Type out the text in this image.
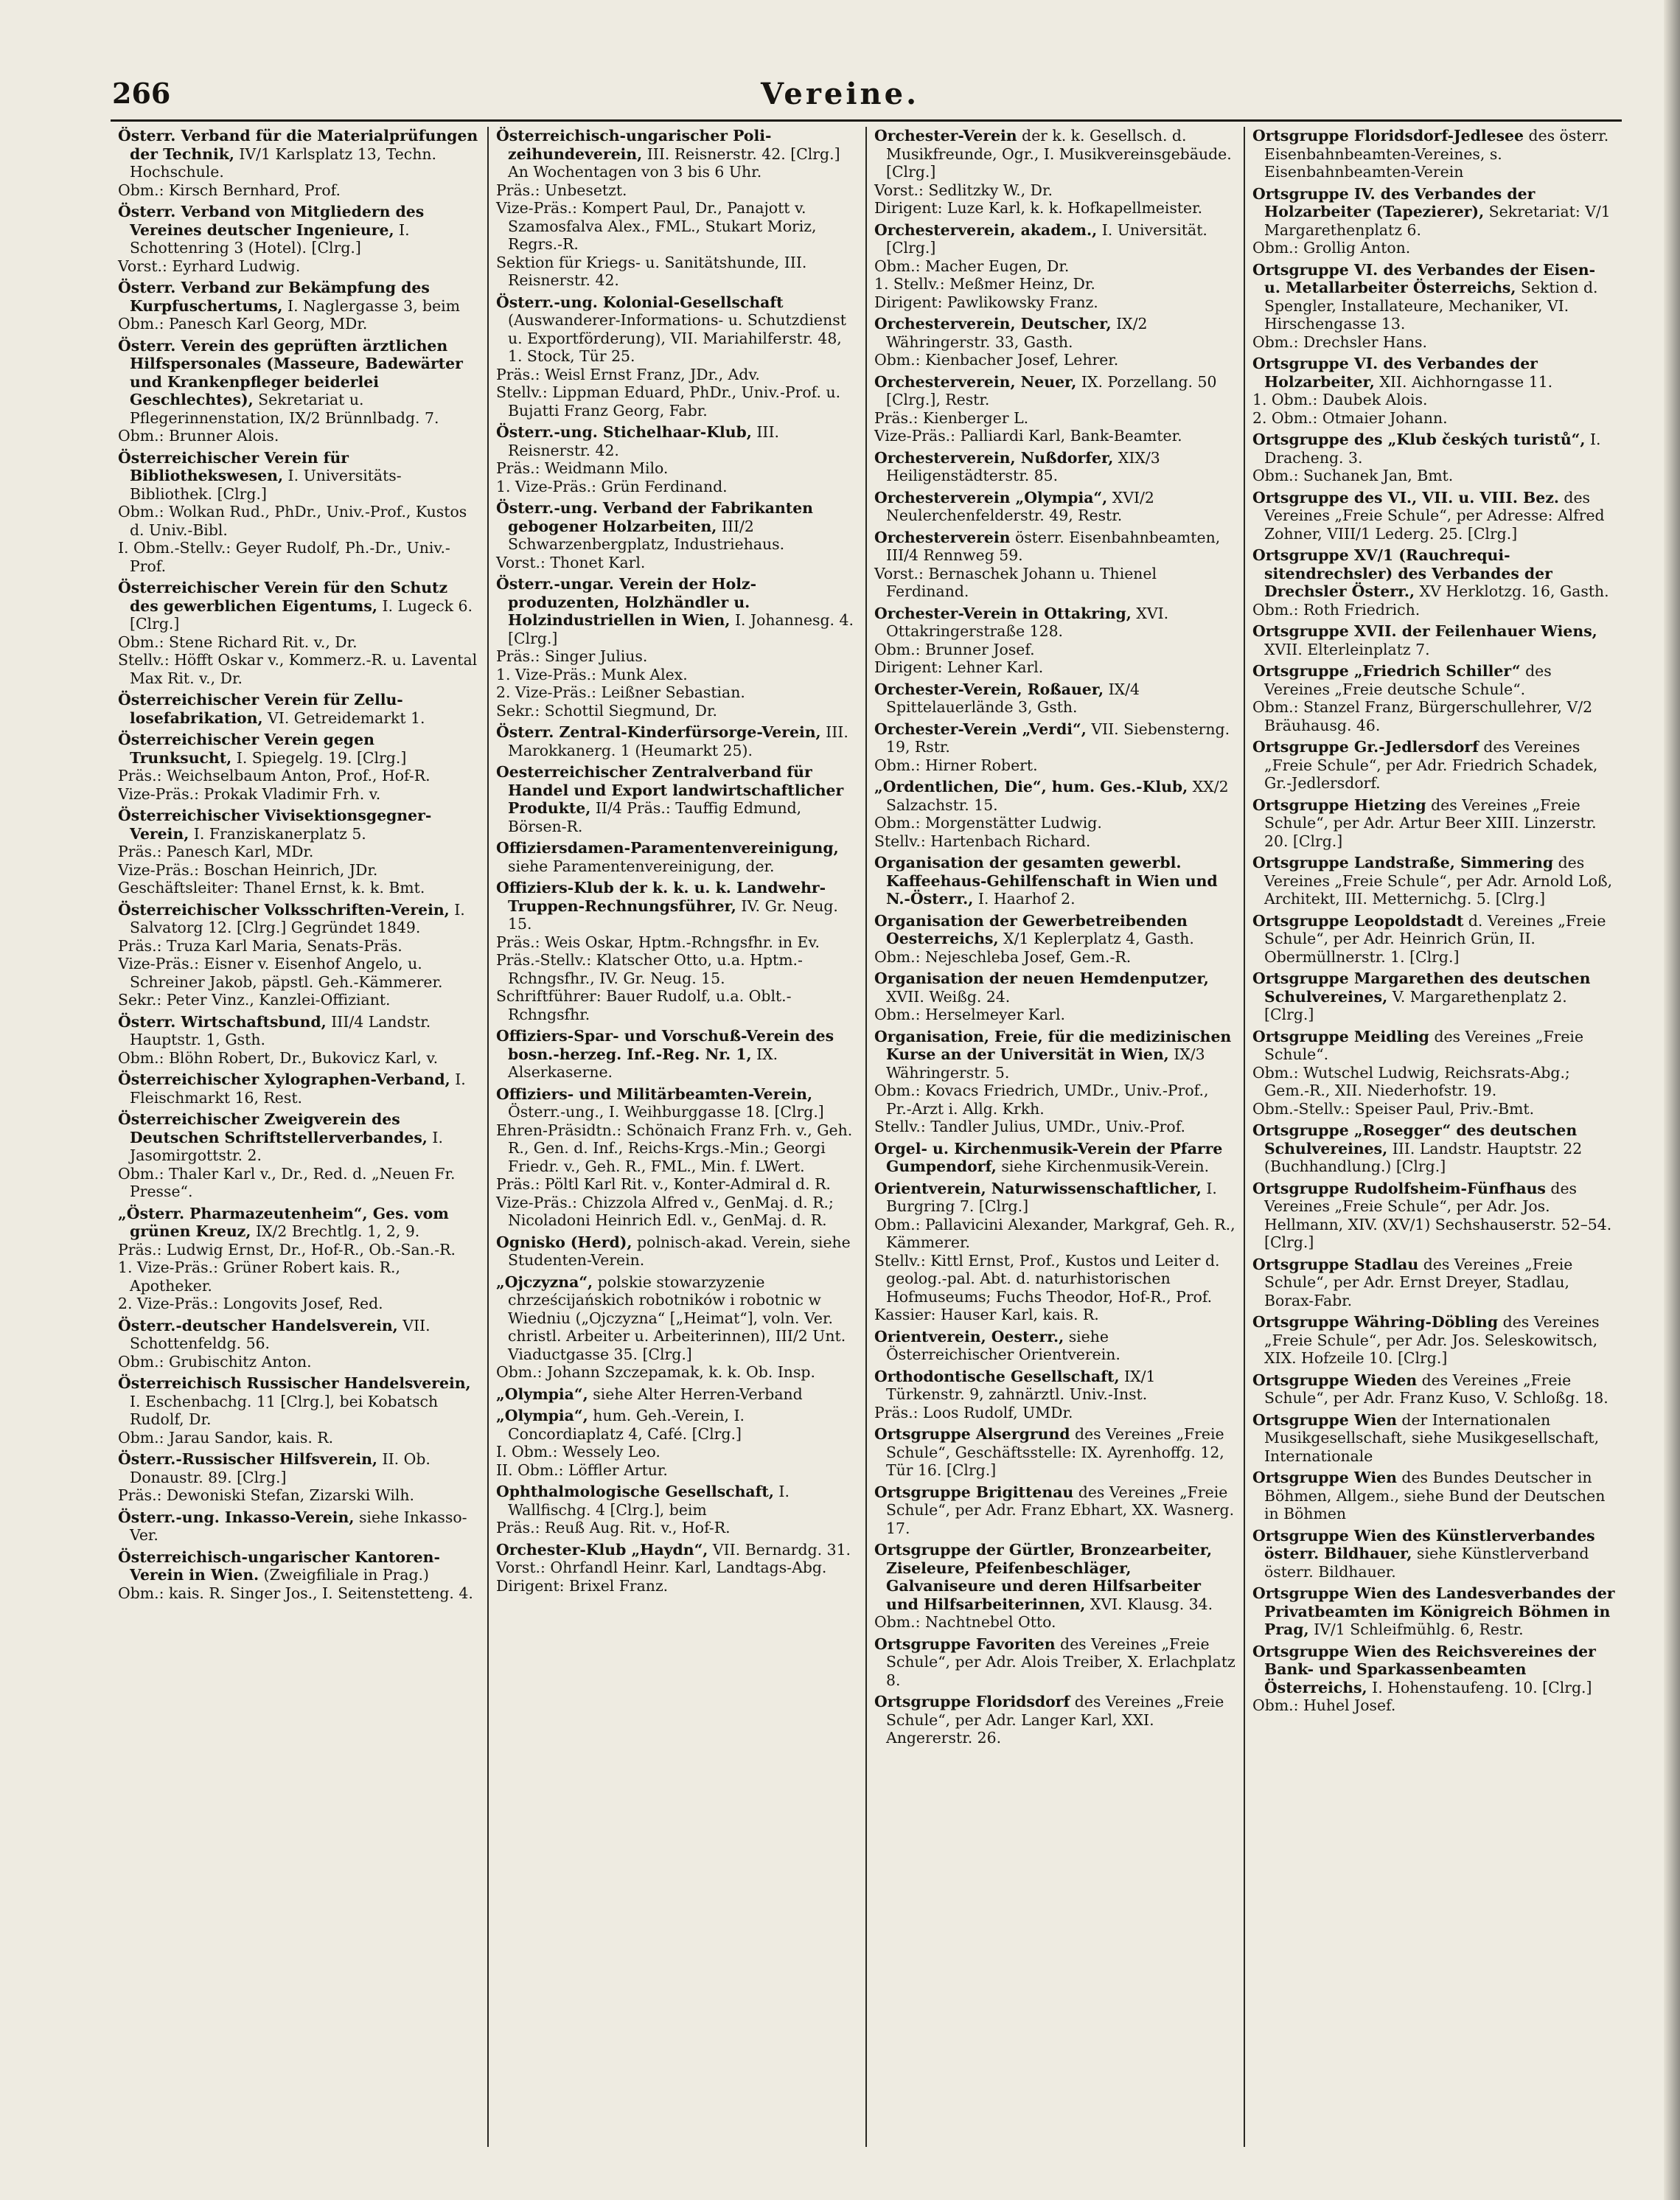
266	Vereine.
Österr. Verband für die Materialprüfungen der Technik, IV/1 Karlsplatz 13, Techn. Hochschule.
Obm.: Kirsch Bernhard, Prof.
Österr. Verband von Mitgliedern des Vereines deutscher Ingenieure, I. Schottenring 3 (Hotel). [Clrg.]
Vorst.: Eyrhard Ludwig.
Österr. Verband zur Bekämpfung des Kurpfuschertums, I. Naglergasse 3, beim
Obm.: Panesch Karl Georg, MDr.
Österr. Verein des geprüften ärztlichen Hilfspersonales (Masseure, Badewärter und Krankenpfleger beiderlei Geschlechtes), Sekretariat u. Pflegerinnenstation, IX/2 Brünnlbadg. 7.
Obm.: Brunner Alois.
Österreichischer Verein für Bibliothekswesen, I. Universitäts-Bibliothek. [Clrg.]
Obm.: Wolkan Rud., PhDr., Univ.-Prof., Kustos d. Univ.-Bibl.
I. Obm.-Stellv.: Geyer Rudolf, Ph.-Dr., Univ.-Prof.
Österreichischer Verein für den Schutz des gewerblichen Eigentums, I. Lugeck 6. [Clrg.]
Obm.: Stene Richard Rit. v., Dr.
Stellv.: Höfft Oskar v., Kommerz.-R. u. Lavental Max Rit. v., Dr.
Österreichischer Verein für Zellulosefabrikation, VI. Getreidemarkt 1.
Österreichischer Verein gegen Trunksucht, I. Spiegelg. 19. [Clrg.]
Präs.: Weichselbaum Anton, Prof., Hof-R.
Vize-Präs.: Prokak Vladimir Frh. v.
Österreichischer Vivisektionsgegner-Verein, I. Franziskanerplatz 5.
Präs.: Panesch Karl, MDr.
Vize-Präs.: Boschan Heinrich, JDr.
Geschäftsleiter: Thanel Ernst, k. k. Bmt.
Österreichischer Volksschriften-Verein, I. Salvatorg 12. [Clrg.] Gegründet 1849.
Präs.: Truza Karl Maria, Senats-Präs.
Vize-Präs.: Eisner v. Eisenhof Angelo, u. Schreiner Jakob, päpstl. Geh.-Kämmerer.
Sekr.: Peter Vinz., Kanzlei-Offiziant.
Österr. Wirtschaftsbund, III/4 Landstr. Hauptstr. 1, Gsth.
Obm.: Blöhn Robert, Dr., Bukovicz Karl, v.
Österreichischer Xylographen-Verband, I. Fleischmarkt 16, Rest.
Österreichischer Zweigverein des Deutschen Schriftstellerverbandes, I. Jasomirgottstr. 2.
Obm.: Thaler Karl v., Dr., Red. d. „Neuen Fr. Presse“.
„Österr. Pharmazeutenheim“, Ges. vom grünen Kreuz, IX/2 Brechtlg. 1, 2, 9.
Präs.: Ludwig Ernst, Dr., Hof-R., Ob.-San.-R.
1. Vize-Präs.: Grüner Robert kais. R., Apotheker.
2. Vize-Präs.: Longovits Josef, Red.
Österr.-deutscher Handelsverein, VII. Schottenfeldg. 56.
Obm.: Grubischitz Anton.
Österreichisch Russischer Handelsverein, I. Eschenbachg. 11 [Clrg.], bei Kobatsch Rudolf, Dr.
Obm.: Jarau Sandor, kais. R.
Österr.-Russischer Hilfsverein, II. Ob. Donaustr. 89. [Clrg.]
Präs.: Dewoniski Stefan, Zizarski Wilh.
Österr.-ung. Inkasso-Verein, siehe Inkasso-Ver.
Österreichisch-ungarischer Kantoren-Verein in Wien. (Zweigfiliale in Prag.)
Obm.: kais. R. Singer Jos., I. Seitenstetteng. 4.
Österreichisch-ungarischer Polizeihundeverein, III. Reisnerstr. 42. [Clrg.] An Wochentagen von 3 bis 6 Uhr.
Präs.: Unbesetzt.
Vize-Präs.: Kompert Paul, Dr., Panajott v. Szamosfalva Alex., FML., Stukart Moriz, Regrs.-R.
Sektion für Kriegs- u. Sanitätshunde, III. Reisnerstr. 42.
Österr.-ung. Kolonial-Gesellschaft (Auswanderer-Informations- u. Schutzdienst u. Exportförderung), VII. Mariahilferstr. 48, 1. Stock, Tür 25.
Präs.: Weisl Ernst Franz, JDr., Adv.
Stellv.: Lippman Eduard, PhDr., Univ.-Prof. u. Bujatti Franz Georg, Fabr.
Österr.-ung. Stichelhaar-Klub, III. Reisnerstr. 42.
Präs.: Weidmann Milo.
1. Vize-Präs.: Grün Ferdinand.
Österr.-ung. Verband der Fabrikanten gebogener Holzarbeiten, III/2 Schwarzenbergplatz, Industriehaus.
Vorst.: Thonet Karl.
Österr.-ungar. Verein der Holzproduzenten, Holzhändler u. Holzindustriellen in Wien, I. Johannesg. 4. [Clrg.]
Präs.: Singer Julius.
1. Vize-Präs.: Munk Alex.
2. Vize-Präs.: Leißner Sebastian.
Sekr.: Schottil Siegmund, Dr.
Österr. Zentral-Kinderfürsorge-Verein, III. Marokkanerg. 1 (Heumarkt 25).
Oesterreichischer Zentralverband für Handel und Export landwirtschaftlicher Produkte, II/4 Präs.: Tauffig Edmund, Börsen-R.
Offiziersdamen-Paramentenvereinigung, siehe Paramentenvereinigung, der.
Offiziers-Klub der k. k. u. k. Landwehr-Truppen-Rechnungsführer, IV. Gr. Neug. 15.
Präs.: Weis Oskar, Hptm.-Rchngsfhr. in Ev.
Präs.-Stellv.: Klatscher Otto, u.a. Hptm.-Rchngsfhr., IV. Gr. Neug. 15.
Schriftführer: Bauer Rudolf, u.a. Oblt.-Rchngsfhr.
Offiziers-Spar- und Vorschuß-Verein des bosn.-herzeg. Inf.-Reg. Nr. 1, IX. Alserkaserne.
Offiziers- und Militärbeamten-Verein, Österr.-ung., I. Weihburggasse 18. [Clrg.]
Ehren-Präsidtn.: Schönaich Franz Frh. v., Geh. R., Gen. d. Inf., Reichs-Krgs.-Min.; Georgi Friedr. v., Geh. R., FML., Min. f. LWert.
Präs.: Pöltl Karl Rit. v., Konter-Admiral d. R.
Vize-Präs.: Chizzola Alfred v., GenMaj. d. R.; Nicoladoni Heinrich Edl. v., GenMaj. d. R.
Ognisko (Herd), polnisch-akad. Verein, siehe Studenten-Verein.
„Ojczyzna“, polskie stowarzyzenie chrześcijańskich robotników i robotnic w Wiedniu („Ojczyzna“ [„Heimat“], voln. Ver. christl. Arbeiter u. Arbeiterinnen), III/2 Unt. Viaductgasse 35. [Clrg.]
Obm.: Johann Szczepamak, k. k. Ob. Insp.
„Olympia“, siehe Alter Herren-Verband
„Olympia“, hum. Geh.-Verein, I. Concordiaplatz 4, Café. [Clrg.]
I. Obm.: Wessely Leo.
II. Obm.: Löffler Artur.
Ophthalmologische Gesellschaft, I. Wallfischg. 4 [Clrg.], beim
Präs.: Reuß Aug. Rit. v., Hof-R.
Orchester-Klub „Haydn“, VII. Bernardg. 31.
Vorst.: Ohrfandl Heinr. Karl, Landtags-Abg.
Dirigent: Brixel Franz.
Orchester-Verein der k. k. Gesellsch. d. Musikfreunde, Ogr., I. Musikvereinsgebäude. [Clrg.]
Vorst.: Sedlitzky W., Dr.
Dirigent: Luze Karl, k. k. Hofkapellmeister.
Orchesterverein, akadem., I. Universität. [Clrg.]
Obm.: Macher Eugen, Dr.
1. Stellv.: Meßmer Heinz, Dr.
Dirigent: Pawlikowsky Franz.
Orchesterverein, Deutscher, IX/2 Währingerstr. 33, Gasth.
Obm.: Kienbacher Josef, Lehrer.
Orchesterverein, Neuer, IX. Porzellang. 50 [Clrg.], Restr.
Präs.: Kienberger L.
Vize-Präs.: Palliardi Karl, Bank-Beamter.
Orchesterverein, Nußdorfer, XIX/3 Heiligenstädterstr. 85.
Orchesterverein „Olympia“, XVI/2 Neulerchenfelderstr. 49, Restr.
Orchesterverein österr. Eisenbahnbeamten, III/4 Rennweg 59.
Vorst.: Bernaschek Johann u. Thienel Ferdinand.
Orchester-Verein in Ottakring, XVI. Ottakringerstraße 128.
Obm.: Brunner Josef.
Dirigent: Lehner Karl.
Orchester-Verein, Roßauer, IX/4 Spittelauerlände 3, Gsth.
Orchester-Verein „Verdi“, VII. Siebensterng. 19, Rstr.
Obm.: Hirner Robert.
„Ordentlichen, Die“, hum. Ges.-Klub, XX/2 Salzachstr. 15.
Obm.: Morgenstätter Ludwig.
Stellv.: Hartenbach Richard.
Organisation der gesamten gewerbl. Kaffeehaus-Gehilfenschaft in Wien und N.-Österr., I. Haarhof 2.
Organisation der Gewerbetreibenden Oesterreichs, X/1 Keplerplatz 4, Gasth.
Obm.: Nejeschleba Josef, Gem.-R.
Organisation der neuen Hemdenputzer, XVII. Weißg. 24.
Obm.: Herselmeyer Karl.
Organisation, Freie, für die medizinischen Kurse an der Universität in Wien, IX/3 Währingerstr. 5.
Obm.: Kovacs Friedrich, UMDr., Univ.-Prof., Pr.-Arzt i. Allg. Krkh.
Stellv.: Tandler Julius, UMDr., Univ.-Prof.
Orgel- u. Kirchenmusik-Verein der Pfarre Gumpendorf, siehe Kirchenmusik-Verein.
Orientverein, Naturwissenschaftlicher, I. Burgring 7. [Clrg.]
Obm.: Pallavicini Alexander, Markgraf, Geh. R., Kämmerer.
Stellv.: Kittl Ernst, Prof., Kustos und Leiter d. geolog.-pal. Abt. d. naturhistorischen Hofmuseums; Fuchs Theodor, Hof-R., Prof.
Kassier: Hauser Karl, kais. R.
Orientverein, Oesterr., siehe Österreichischer Orientverein.
Orthodontische Gesellschaft, IX/1 Türkenstr. 9, zahnärztl. Univ.-Inst.
Präs.: Loos Rudolf, UMDr.
Ortsgruppe Alsergrund des Vereines „Freie Schule“, Geschäftsstelle: IX. Ayrenhoffg. 12, Tür 16. [Clrg.]
Ortsgruppe Brigittenau des Vereines „Freie Schule“, per Adr. Franz Ebhart, XX. Wasnerg. 17.
Ortsgruppe der Gürtler, Bronzearbeiter, Ziseleure, Pfeifenbeschläger, Galvaniseure und deren Hilfsarbeiter und Hilfsarbeiterinnen, XVI. Klausg. 34.
Obm.: Nachtnebel Otto.
Ortsgruppe Favoriten des Vereines „Freie Schule“, per Adr. Alois Treiber, X. Erlachplatz 8.
Ortsgruppe Floridsdorf des Vereines „Freie Schule“, per Adr. Langer Karl, XXI. Angererstr. 26.
Ortsgruppe Floridsdorf-Jedlesee des österr. Eisenbahnbeamten-Vereines, s. Eisenbahnbeamten-Verein
Ortsgruppe IV. des Verbandes der Holzarbeiter (Tapezierer), Sekretariat: V/1 Margarethenplatz 6.
Obm.: Grollig Anton.
Ortsgruppe VI. des Verbandes der Eisen- u. Metallarbeiter Österreichs, Sektion d. Spengler, Installateure, Mechaniker, VI. Hirschengasse 13.
Obm.: Drechsler Hans.
Ortsgruppe VI. des Verbandes der Holzarbeiter, XII. Aichhorngasse 11.
1. Obm.: Daubek Alois.
2. Obm.: Otmaier Johann.
Ortsgruppe des „Klub českých turistů“, I. Dracheng. 3.
Obm.: Suchanek Jan, Bmt.
Ortsgruppe des VI., VII. u. VIII. Bez. des Vereines „Freie Schule“, per Adresse: Alfred Zohner, VIII/1 Lederg. 25. [Clrg.]
Ortsgruppe XV/1 (Rauchrequisitendrechsler) des Verbandes der Drechsler Österr., XV Herklotzg. 16, Gasth.
Obm.: Roth Friedrich.
Ortsgruppe XVII. der Feilenhauer Wiens, XVII. Elterleinplatz 7.
Ortsgruppe „Friedrich Schiller“ des Vereines „Freie deutsche Schule“.
Obm.: Stanzel Franz, Bürgerschullehrer, V/2 Bräuhausg. 46.
Ortsgruppe Gr.-Jedlersdorf des Vereines „Freie Schule“, per Adr. Friedrich Schadek, Gr.-Jedlersdorf.
Ortsgruppe Hietzing des Vereines „Freie Schule“, per Adr. Artur Beer XIII. Linzerstr. 20. [Clrg.]
Ortsgruppe Landstraße, Simmering des Vereines „Freie Schule“, per Adr. Arnold Loß, Architekt, III. Metternichg. 5. [Clrg.]
Ortsgruppe Leopoldstadt d. Vereines „Freie Schule“, per Adr. Heinrich Grün, II. Obermüllnerstr. 1. [Clrg.]
Ortsgruppe Margarethen des deutschen Schulvereines, V. Margarethenplatz 2. [Clrg.]
Ortsgruppe Meidling des Vereines „Freie Schule“.
Obm.: Wutschel Ludwig, Reichsrats-Abg.; Gem.-R., XII. Niederhofstr. 19.
Obm.-Stellv.: Speiser Paul, Priv.-Bmt.
Ortsgruppe „Rosegger“ des deutschen Schulvereines, III. Landstr. Hauptstr. 22 (Buchhandlung.) [Clrg.]
Ortsgruppe Rudolfsheim-Fünfhaus des Vereines „Freie Schule“, per Adr. Jos. Hellmann, XIV. (XV/1) Sechshauserstr. 52–54. [Clrg.]
Ortsgruppe Stadlau des Vereines „Freie Schule“, per Adr. Ernst Dreyer, Stadlau, Borax-Fabr.
Ortsgruppe Währing-Döbling des Vereines „Freie Schule“, per Adr. Jos. Seleskowitsch, XIX. Hofzeile 10. [Clrg.]
Ortsgruppe Wieden des Vereines „Freie Schule“, per Adr. Franz Kuso, V. Schloßg. 18.
Ortsgruppe Wien der Internationalen Musikgesellschaft, siehe Musikgesellschaft, Internationale
Ortsgruppe Wien des Bundes Deutscher in Böhmen, Allgem., siehe Bund der Deutschen in Böhmen
Ortsgruppe Wien des Künstlerverbandes österr. Bildhauer, siehe Künstlerverband österr. Bildhauer.
Ortsgruppe Wien des Landesverbandes der Privatbeamten im Königreich Böhmen in Prag, IV/1 Schleifmühlg. 6, Restr.
Ortsgruppe Wien des Reichsvereines der Bank- und Sparkassenbeamten Österreichs, I. Hohenstaufeng. 10. [Clrg.]
Obm.: Huhel Josef.
